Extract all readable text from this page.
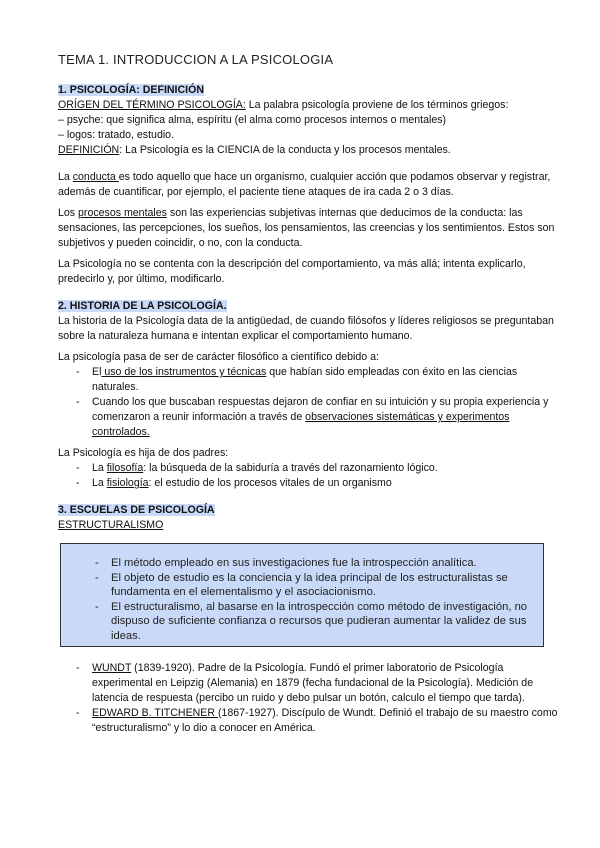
TEMA 1. INTRODUCCION A LA PSICOLOGIA

1. PSICOLOGÍA: DEFINICIÓN

ORÍGEN DEL TÉRMINO PSICOLOGÍA: La palabra psicología proviene de los términos griegos:

– psyche: que significa alma, espíritu (el alma como procesos internos o mentales)

– logos: tratado, estudio.

DEFINICIÓN: La Psicología es la CIENCIA de la conducta y los procesos mentales.

La conducta es todo aquello que hace un organismo, cualquier acción que podamos observar y registrar, además de cuantificar, por ejemplo, el paciente tiene ataques de ira cada 2 o 3 días.

Los procesos mentales son las experiencias subjetivas internas que deducimos de la conducta: las sensaciones, las percepciones, los sueños, los pensamientos, las creencias y los sentimientos. Estos son subjetivos y pueden coincidir, o no, con la conducta.

La Psicología no se contenta con la descripción del comportamiento, va más allá; intenta explicarlo, predecirlo y, por último, modificarlo.

2. HISTORIA DE LA PSICOLOGÍA.

La historia de la Psicología data de la antigüedad, de cuando filósofos y líderes religiosos se preguntaban sobre la naturaleza humana e intentan explicar el comportamiento humano.

La psicología pasa de ser de carácter filosófico a científico debido a:

- El uso de los instrumentos y técnicas que habían sido empleadas con éxito en las ciencias naturales.
- Cuando los que buscaban respuestas dejaron de confiar en su intuición y su propia experiencia y comenzaron a reunir información a través de observaciones sistemáticas y experimentos controlados.

La Psicología es hija de dos padres:

- La filosofía: la búsqueda de la sabiduría a través del razonamiento lógico.
- La fisiología: el estudio de los procesos vitales de un organismo

3. ESCUELAS DE PSICOLOGÍA

ESTRUCTURALISMO

- El método empleado en sus investigaciones fue la introspección analítica.
- El objeto de estudio es la conciencia y la idea principal de los estructuralistas se fundamenta en el elementalismo y el asociacionismo.
- El estructuralismo, al basarse en la introspección como método de investigación, no dispuso de suficiente confianza o recursos que pudieran aumentar la validez de sus ideas.
- WUNDT (1839-1920). Padre de la Psicología. Fundó el primer laboratorio de Psicología experimental en Leipzig (Alemania) en 1879 (fecha fundacional de la Psicología). Medición de latencia de respuesta (percibo un ruido y debo pulsar un botón, calculo el tiempo que tarda).
- EDWARD B. TITCHENER (1867-1927). Discípulo de Wundt. Definió el trabajo de su maestro como “estructuralismo” y lo dio a conocer en América.
